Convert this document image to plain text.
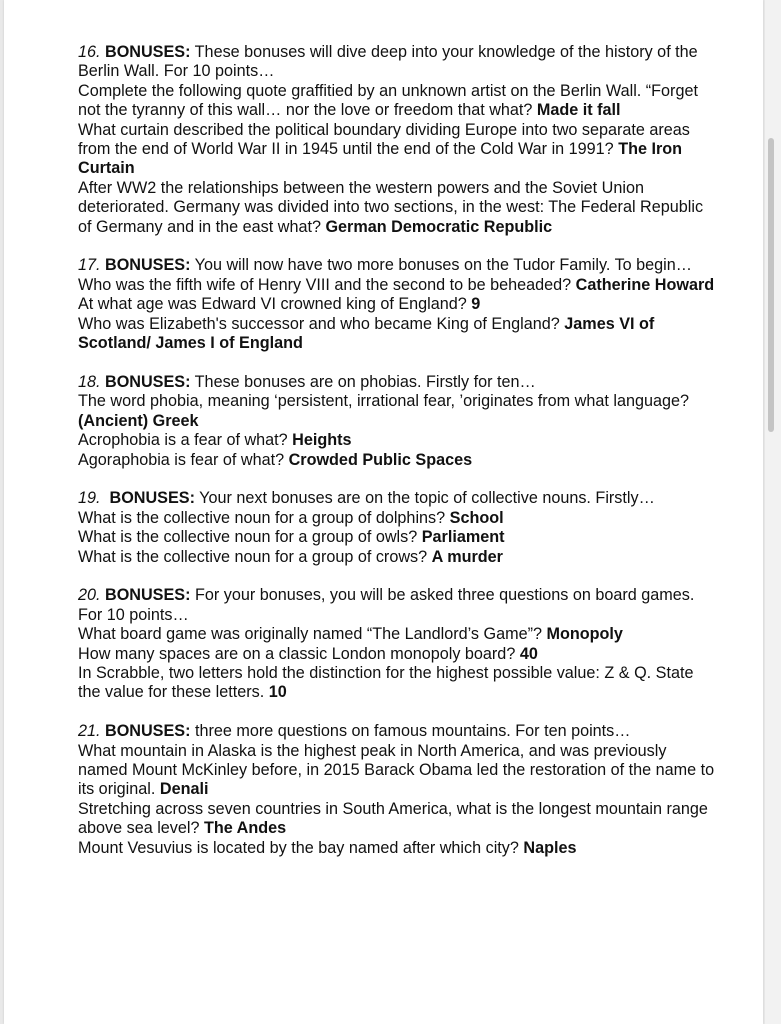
16. BONUSES: These bonuses will dive deep into your knowledge of the history of the Berlin Wall. For 10 points…
Complete the following quote graffitied by an unknown artist on the Berlin Wall. “Forget not the tyranny of this wall… nor the love or freedom that what? Made it fall
What curtain described the political boundary dividing Europe into two separate areas from the end of World War II in 1945 until the end of the Cold War in 1991? The Iron Curtain
After WW2 the relationships between the western powers and the Soviet Union deteriorated. Germany was divided into two sections, in the west: The Federal Republic of Germany and in the east what? German Democratic Republic
17. BONUSES: You will now have two more bonuses on the Tudor Family. To begin…
Who was the fifth wife of Henry VIII and the second to be beheaded? Catherine Howard
At what age was Edward VI crowned king of England? 9
Who was Elizabeth's successor and who became King of England? James VI of Scotland/ James I of England
18. BONUSES: These bonuses are on phobias. Firstly for ten…
The word phobia, meaning ‘persistent, irrational fear, ’originates from what language? (Ancient) Greek
Acrophobia is a fear of what? Heights
Agoraphobia is fear of what? Crowded Public Spaces
19. BONUSES: Your next bonuses are on the topic of collective nouns. Firstly…
What is the collective noun for a group of dolphins? School
What is the collective noun for a group of owls? Parliament
What is the collective noun for a group of crows? A murder
20. BONUSES: For your bonuses, you will be asked three questions on board games. For 10 points…
What board game was originally named “The Landlord’s Game”? Monopoly
How many spaces are on a classic London monopoly board? 40
In Scrabble, two letters hold the distinction for the highest possible value: Z & Q. State the value for these letters. 10
21. BONUSES: three more questions on famous mountains. For ten points…
What mountain in Alaska is the highest peak in North America, and was previously named Mount McKinley before, in 2015 Barack Obama led the restoration of the name to its original. Denali
Stretching across seven countries in South America, what is the longest mountain range above sea level? The Andes
Mount Vesuvius is located by the bay named after which city? Naples
